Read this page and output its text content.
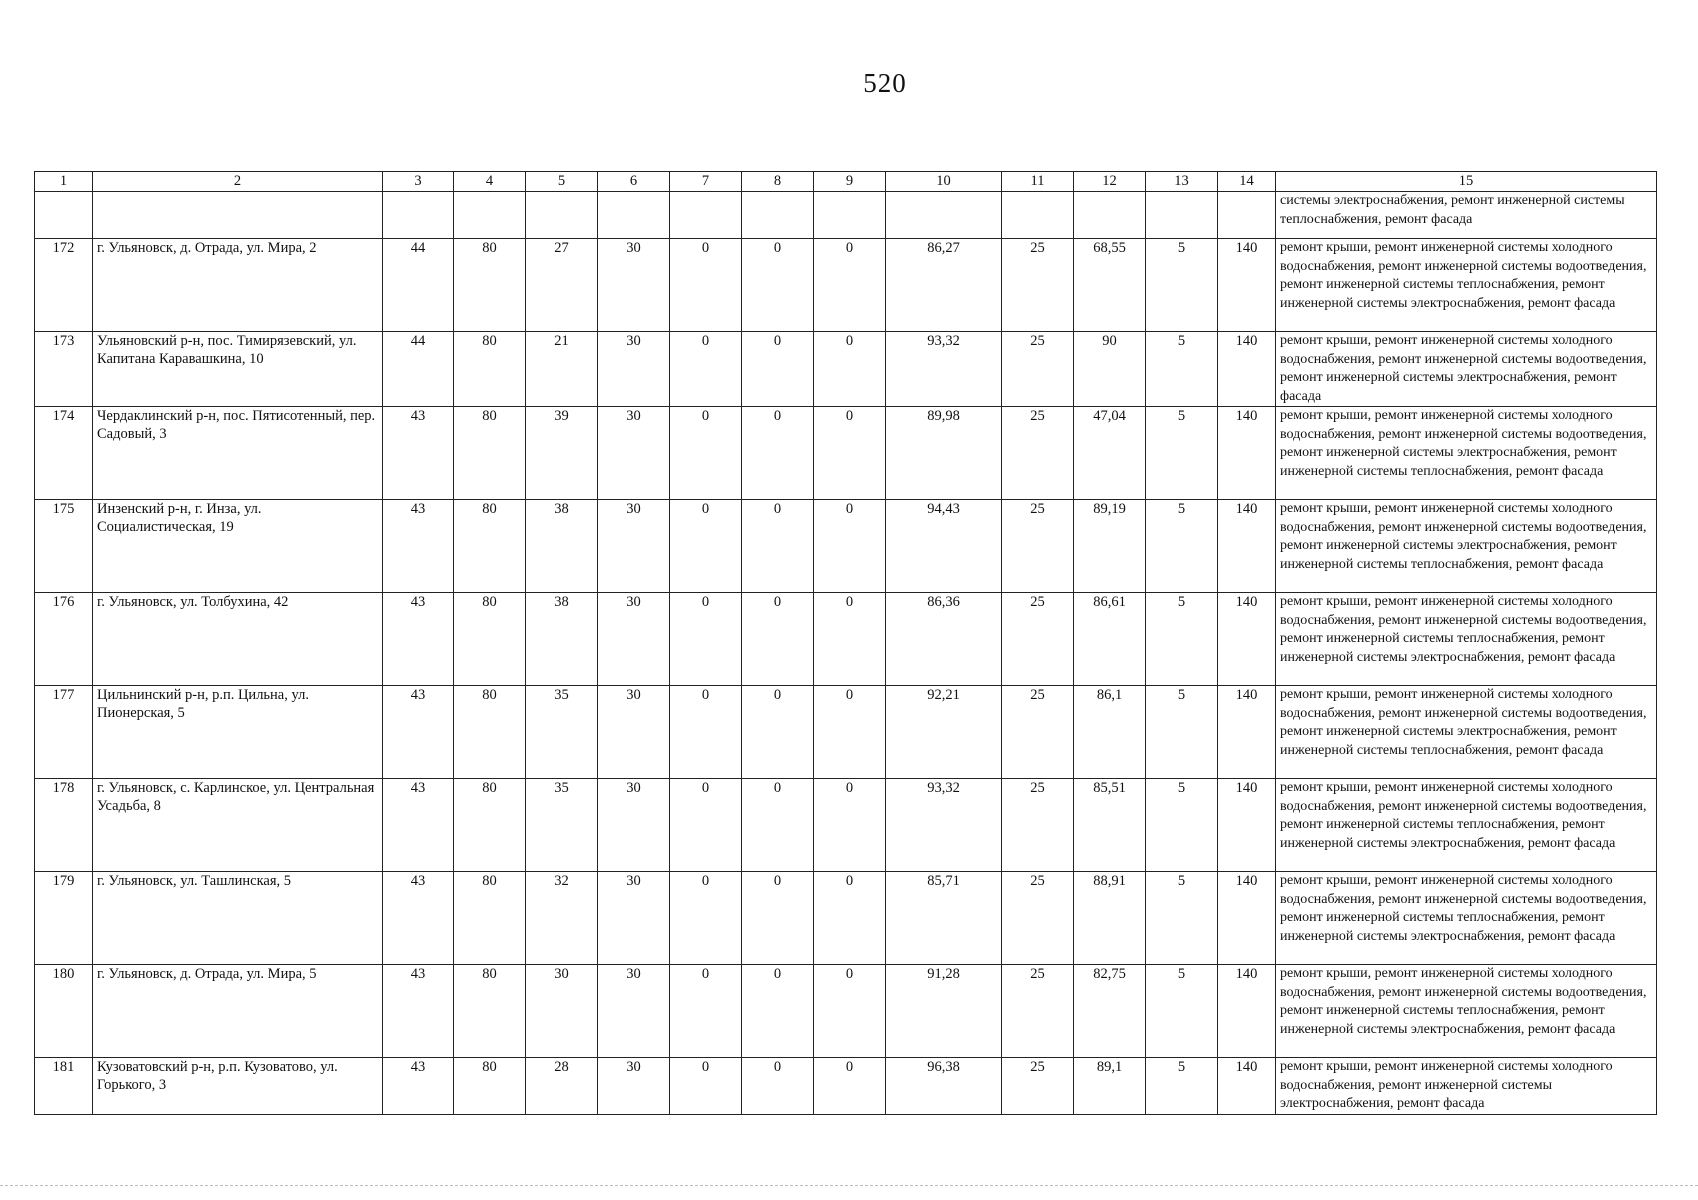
520
1	2	3	4	5	6	7	8	9	10	11	12	13	14	15
														системы электроснабжения, ремонт инженерной системы теплоснабжения, ремонт фасада
172	г. Ульяновск, д. Отрада, ул. Мира, 2	44	80	27	30	0	0	0	86,27	25	68,55	5	140	ремонт крыши, ремонт инженерной системы холодного водоснабжения, ремонт инженерной системы водоотведения, ремонт инженерной системы теплоснабжения, ремонт инженерной системы электроснабжения, ремонт фасада
173	Ульяновский р-н, пос. Тимирязевский, ул. Капитана Каравашкина, 10	44	80	21	30	0	0	0	93,32	25	90	5	140	ремонт крыши, ремонт инженерной системы холодного водоснабжения, ремонт инженерной системы водоотведения, ремонт инженерной системы электроснабжения, ремонт фасада
174	Чердаклинский р-н, пос. Пятисотенный, пер. Садовый, 3	43	80	39	30	0	0	0	89,98	25	47,04	5	140	ремонт крыши, ремонт инженерной системы холодного водоснабжения, ремонт инженерной системы водоотведения, ремонт инженерной системы электроснабжения, ремонт инженерной системы теплоснабжения, ремонт фасада
175	Инзенский р-н, г. Инза, ул. Социалистическая, 19	43	80	38	30	0	0	0	94,43	25	89,19	5	140	ремонт крыши, ремонт инженерной системы холодного водоснабжения, ремонт инженерной системы водоотведения, ремонт инженерной системы электроснабжения, ремонт инженерной системы теплоснабжения, ремонт фасада
176	г. Ульяновск, ул. Толбухина, 42	43	80	38	30	0	0	0	86,36	25	86,61	5	140	ремонт крыши, ремонт инженерной системы холодного водоснабжения, ремонт инженерной системы водоотведения, ремонт инженерной системы теплоснабжения, ремонт инженерной системы электроснабжения, ремонт фасада
177	Цильнинский р-н, р.п. Цильна, ул. Пионерская, 5	43	80	35	30	0	0	0	92,21	25	86,1	5	140	ремонт крыши, ремонт инженерной системы холодного водоснабжения, ремонт инженерной системы водоотведения, ремонт инженерной системы электроснабжения, ремонт инженерной системы теплоснабжения, ремонт фасада
178	г. Ульяновск, с. Карлинское, ул. Центральная Усадьба, 8	43	80	35	30	0	0	0	93,32	25	85,51	5	140	ремонт крыши, ремонт инженерной системы холодного водоснабжения, ремонт инженерной системы водоотведения, ремонт инженерной системы теплоснабжения, ремонт инженерной системы электроснабжения, ремонт фасада
179	г. Ульяновск, ул. Ташлинская, 5	43	80	32	30	0	0	0	85,71	25	88,91	5	140	ремонт крыши, ремонт инженерной системы холодного водоснабжения, ремонт инженерной системы водоотведения, ремонт инженерной системы теплоснабжения, ремонт инженерной системы электроснабжения, ремонт фасада
180	г. Ульяновск, д. Отрада, ул. Мира, 5	43	80	30	30	0	0	0	91,28	25	82,75	5	140	ремонт крыши, ремонт инженерной системы холодного водоснабжения, ремонт инженерной системы водоотведения, ремонт инженерной системы теплоснабжения, ремонт инженерной системы электроснабжения, ремонт фасада
181	Кузоватовский р-н, р.п. Кузоватово, ул. Горького, 3	43	80	28	30	0	0	0	96,38	25	89,1	5	140	ремонт крыши, ремонт инженерной системы холодного водоснабжения, ремонт инженерной системы электроснабжения, ремонт фасада
